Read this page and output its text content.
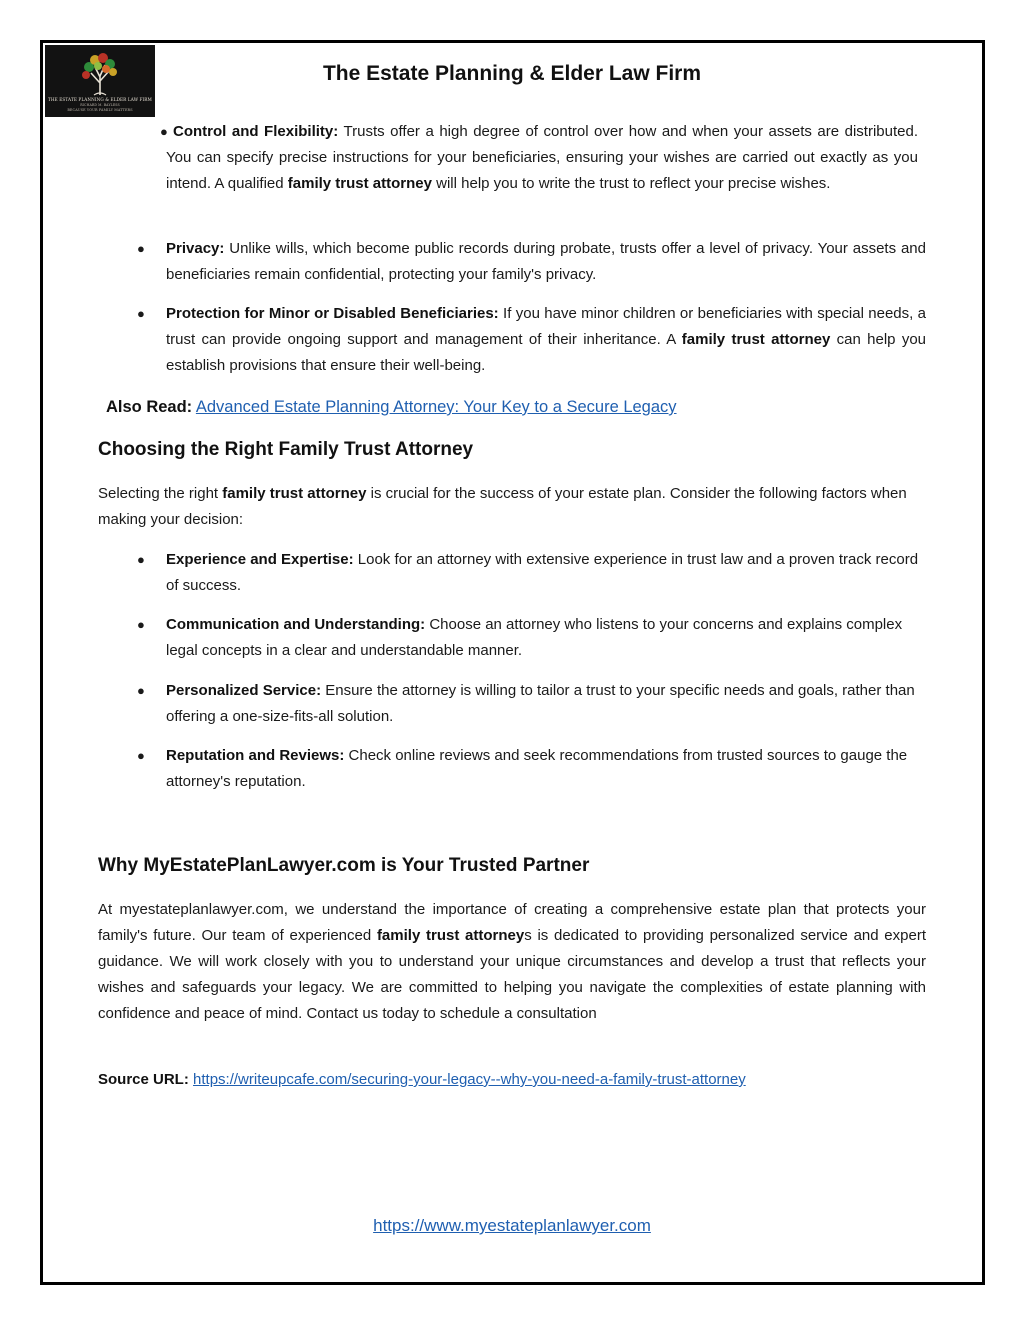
THE ESTATE PLANNING & ELDER LAW FIRM
RICHARD M. BAYLESS
BECAUSE YOUR FAMILY MATTERS
The Estate Planning & Elder Law Firm
● Control and Flexibility: Trusts offer a high degree of control over how and when your assets are distributed. You can specify precise instructions for your beneficiaries, ensuring your wishes are carried out exactly as you intend. A qualified family trust attorney will help you to write the trust to reflect your precise wishes.
● Privacy: Unlike wills, which become public records during probate, trusts offer a level of privacy. Your assets and beneficiaries remain confidential, protecting your family's privacy.
● Protection for Minor or Disabled Beneficiaries: If you have minor children or beneficiaries with special needs, a trust can provide ongoing support and management of their inheritance. A family trust attorney can help you establish provisions that ensure their well-being.
Also Read: Advanced Estate Planning Attorney: Your Key to a Secure Legacy
Choosing the Right Family Trust Attorney
Selecting the right family trust attorney is crucial for the success of your estate plan. Consider the following factors when making your decision:
● Experience and Expertise: Look for an attorney with extensive experience in trust law and a proven track record of success.
● Communication and Understanding: Choose an attorney who listens to your concerns and explains complex legal concepts in a clear and understandable manner.
● Personalized Service: Ensure the attorney is willing to tailor a trust to your specific needs and goals, rather than offering a one-size-fits-all solution.
● Reputation and Reviews: Check online reviews and seek recommendations from trusted sources to gauge the attorney's reputation.
Why MyEstatePlanLawyer.com is Your Trusted Partner
At myestateplanlawyer.com, we understand the importance of creating a comprehensive estate plan that protects your family's future. Our team of experienced family trust attorneys is dedicated to providing personalized service and expert guidance. We will work closely with you to understand your unique circumstances and develop a trust that reflects your wishes and safeguards your legacy. We are committed to helping you navigate the complexities of estate planning with confidence and peace of mind. Contact us today to schedule a consultation
Source URL: https://writeupcafe.com/securing-your-legacy--why-you-need-a-family-trust-attorney
https://www.myestateplanlawyer.com
